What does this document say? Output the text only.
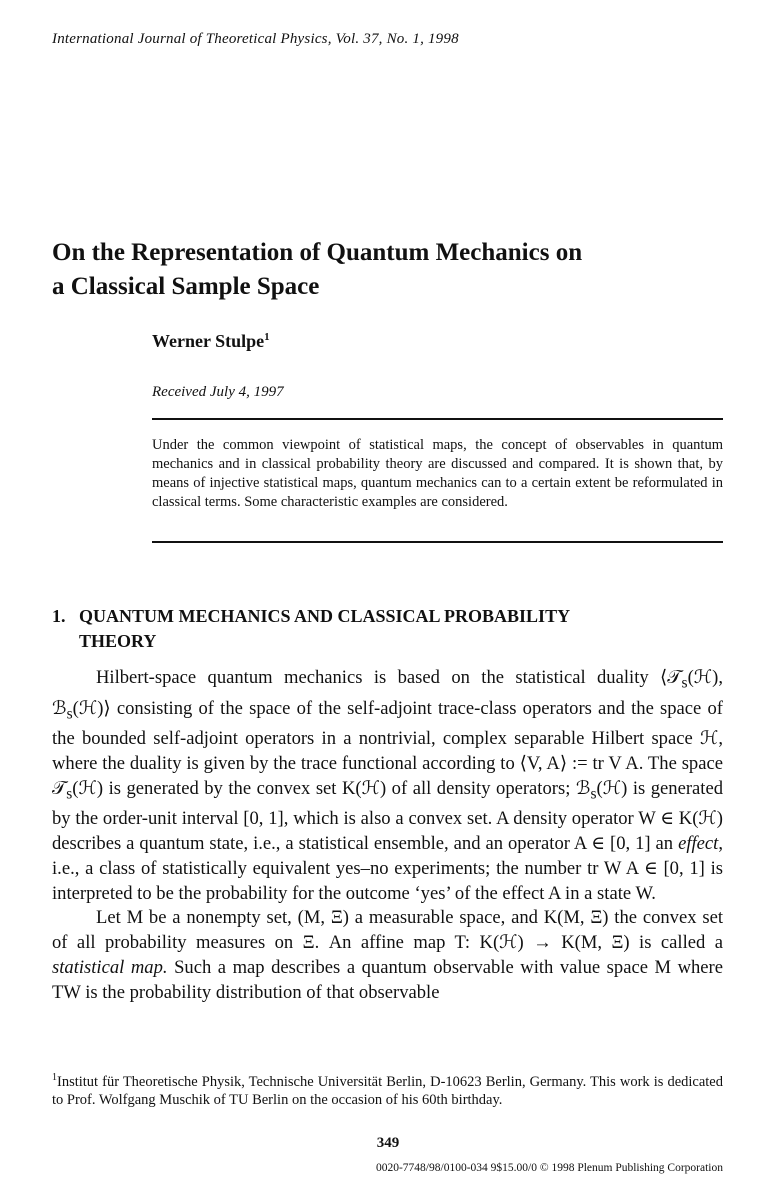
International Journal of Theoretical Physics, Vol. 37, No. 1, 1998
On the Representation of Quantum Mechanics on
a Classical Sample Space
Werner Stulpe$^1$
Received July 4, 1997
Under the common viewpoint of statistical maps, the concept of observables in quantum mechanics and in classical probability theory are discussed and compared. It is shown that, by means of injective statistical maps, quantum mechanics can to a certain extent be reformulated in classical terms. Some characteristic examples are considered.
1. QUANTUM MECHANICS AND CLASSICAL PROBABILITY
THEORY

Hilbert-space quantum mechanics is based on the statistical duality ⟨𝒯$_s$(ℋ), ℬ$_s$(ℋ)⟩ consisting of the space of the self-adjoint trace-class operators and the space of the bounded self-adjoint operators in a nontrivial, complex separable Hilbert space ℋ, where the duality is given by the trace functional according to ⟨V, A⟩ := tr V A. The space 𝒯$_s$(ℋ) is generated by the convex set K(ℋ) of all density operators; ℬ$_s$(ℋ) is generated by the order-unit interval [0, 1], which is also a convex set. A density operator W ∈ K(ℋ) describes a quantum state, i.e., a statistical ensemble, and an operator A ∈ [0, 1] an effect, i.e., a class of statistically equivalent yes–no experiments; the number tr W A ∈ [0, 1] is interpreted to be the probability for the outcome ‘yes’ of the effect A in a state W.

Let M be a nonempty set, (M, Ξ) a measurable space, and K(M, Ξ) the convex set of all probability measures on Ξ. An affine map T: K(ℋ) → K(M, Ξ) is called a statistical map. Such a map describes a quantum observable with value space M where TW is the probability distribution of that observable

$^1$Institut für Theoretische Physik, Technische Universität Berlin, D-10623 Berlin, Germany. This work is dedicated to Prof. Wolfgang Muschik of TU Berlin on the occasion of his 60th birthday.
349
0020-7748/98/0100-034 9$15.00/0 © 1998 Plenum Publishing Corporation
